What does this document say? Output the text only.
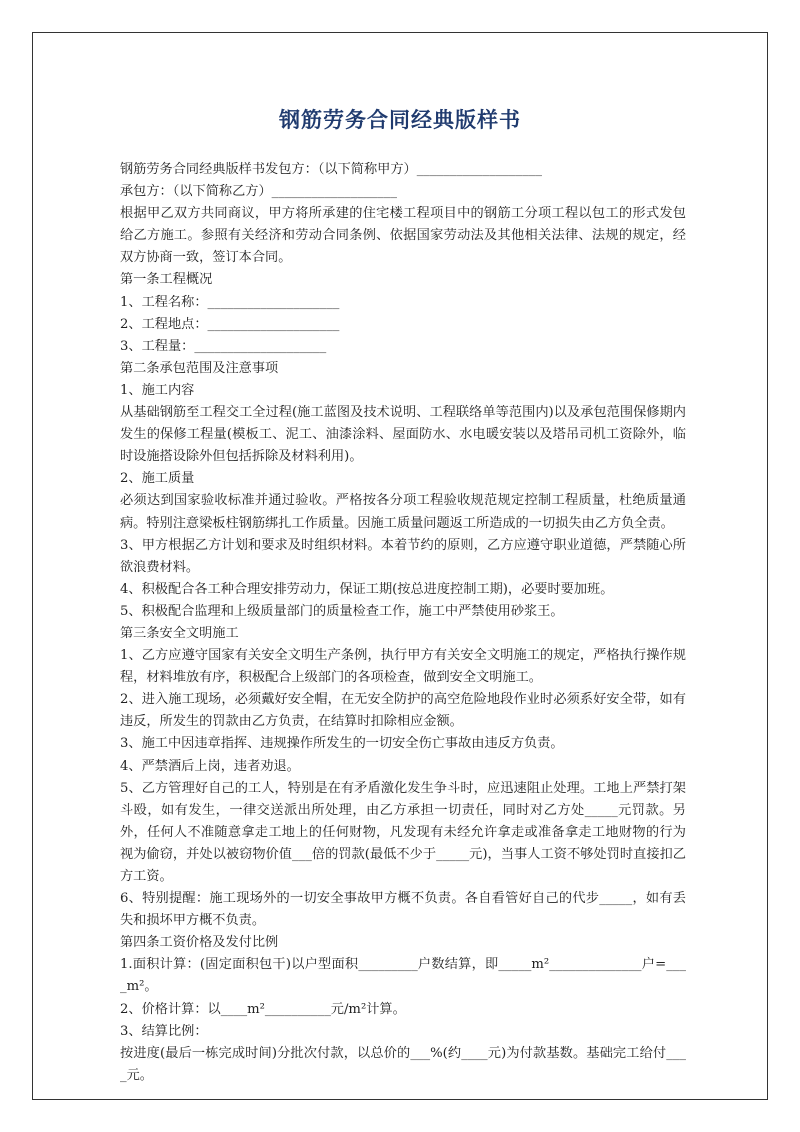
钢筋劳务合同经典版样书

钢筋劳务合同经典版样书发包方：（以下简称甲方）___________________

承包方：（以下简称乙方）___________________

根据甲乙双方共同商议，甲方将所承建的住宅楼工程项目中的钢筋工分项工程以包工的形式发包给乙方施工。参照有关经济和劳动合同条例、依据国家劳动法及其他相关法律、法规的规定，经双方协商一致，签订本合同。

第一条工程概况

1、工程名称：____________________

2、工程地点：____________________

3、工程量：____________________

第二条承包范围及注意事项

1、施工内容

从基础钢筋至工程交工全过程(施工蓝图及技术说明、工程联络单等范围内)以及承包范围保修期内发生的保修工程量(模板工、泥工、油漆涂料、屋面防水、水电暖安装以及塔吊司机工资除外，临时设施搭设除外但包括拆除及材料利用)。

2、施工质量

必须达到国家验收标准并通过验收。严格按各分项工程验收规范规定控制工程质量，杜绝质量通病。特别注意梁板柱钢筋绑扎工作质量。因施工质量问题返工所造成的一切损失由乙方负全责。

3、甲方根据乙方计划和要求及时组织材料。本着节约的原则，乙方应遵守职业道德，严禁随心所欲浪费材料。

4、积极配合各工种合理安排劳动力，保证工期(按总进度控制工期)，必要时要加班。

5、积极配合监理和上级质量部门的质量检查工作，施工中严禁使用砂浆王。

第三条安全文明施工

1、乙方应遵守国家有关安全文明生产条例，执行甲方有关安全文明施工的规定，严格执行操作规程，材料堆放有序，积极配合上级部门的各项检查，做到安全文明施工。

2、进入施工现场，必须戴好安全帽，在无安全防护的高空危险地段作业时必须系好安全带，如有违反，所发生的罚款由乙方负责，在结算时扣除相应金额。

3、施工中因违章指挥、违规操作所发生的一切安全伤亡事故由违反方负责。

4、严禁酒后上岗，违者劝退。

5、乙方管理好自己的工人，特别是在有矛盾激化发生争斗时，应迅速阻止处理。工地上严禁打架斗殴，如有发生，一律交送派出所处理，由乙方承担一切责任，同时对乙方处_____元罚款。另外，任何人不准随意拿走工地上的任何财物，凡发现有未经允许拿走或准备拿走工地财物的行为视为偷窃，并处以被窃物价值___倍的罚款(最低不少于_____元)，当事人工资不够处罚时直接扣乙方工资。

6、特别提醒：施工现场外的一切安全事故甲方概不负责。各自看管好自己的代步_____，如有丢失和损坏甲方概不负责。

第四条工资价格及发付比例

1.面积计算：(固定面积包干)以户型面积_________户数结算，即_____m²______________户=____m²。

2、价格计算：以____m²__________元/m²计算。

3、结算比例：

按进度(最后一栋完成时间)分批次付款，以总价的___%(约____元)为付款基数。基础完工给付____元。
